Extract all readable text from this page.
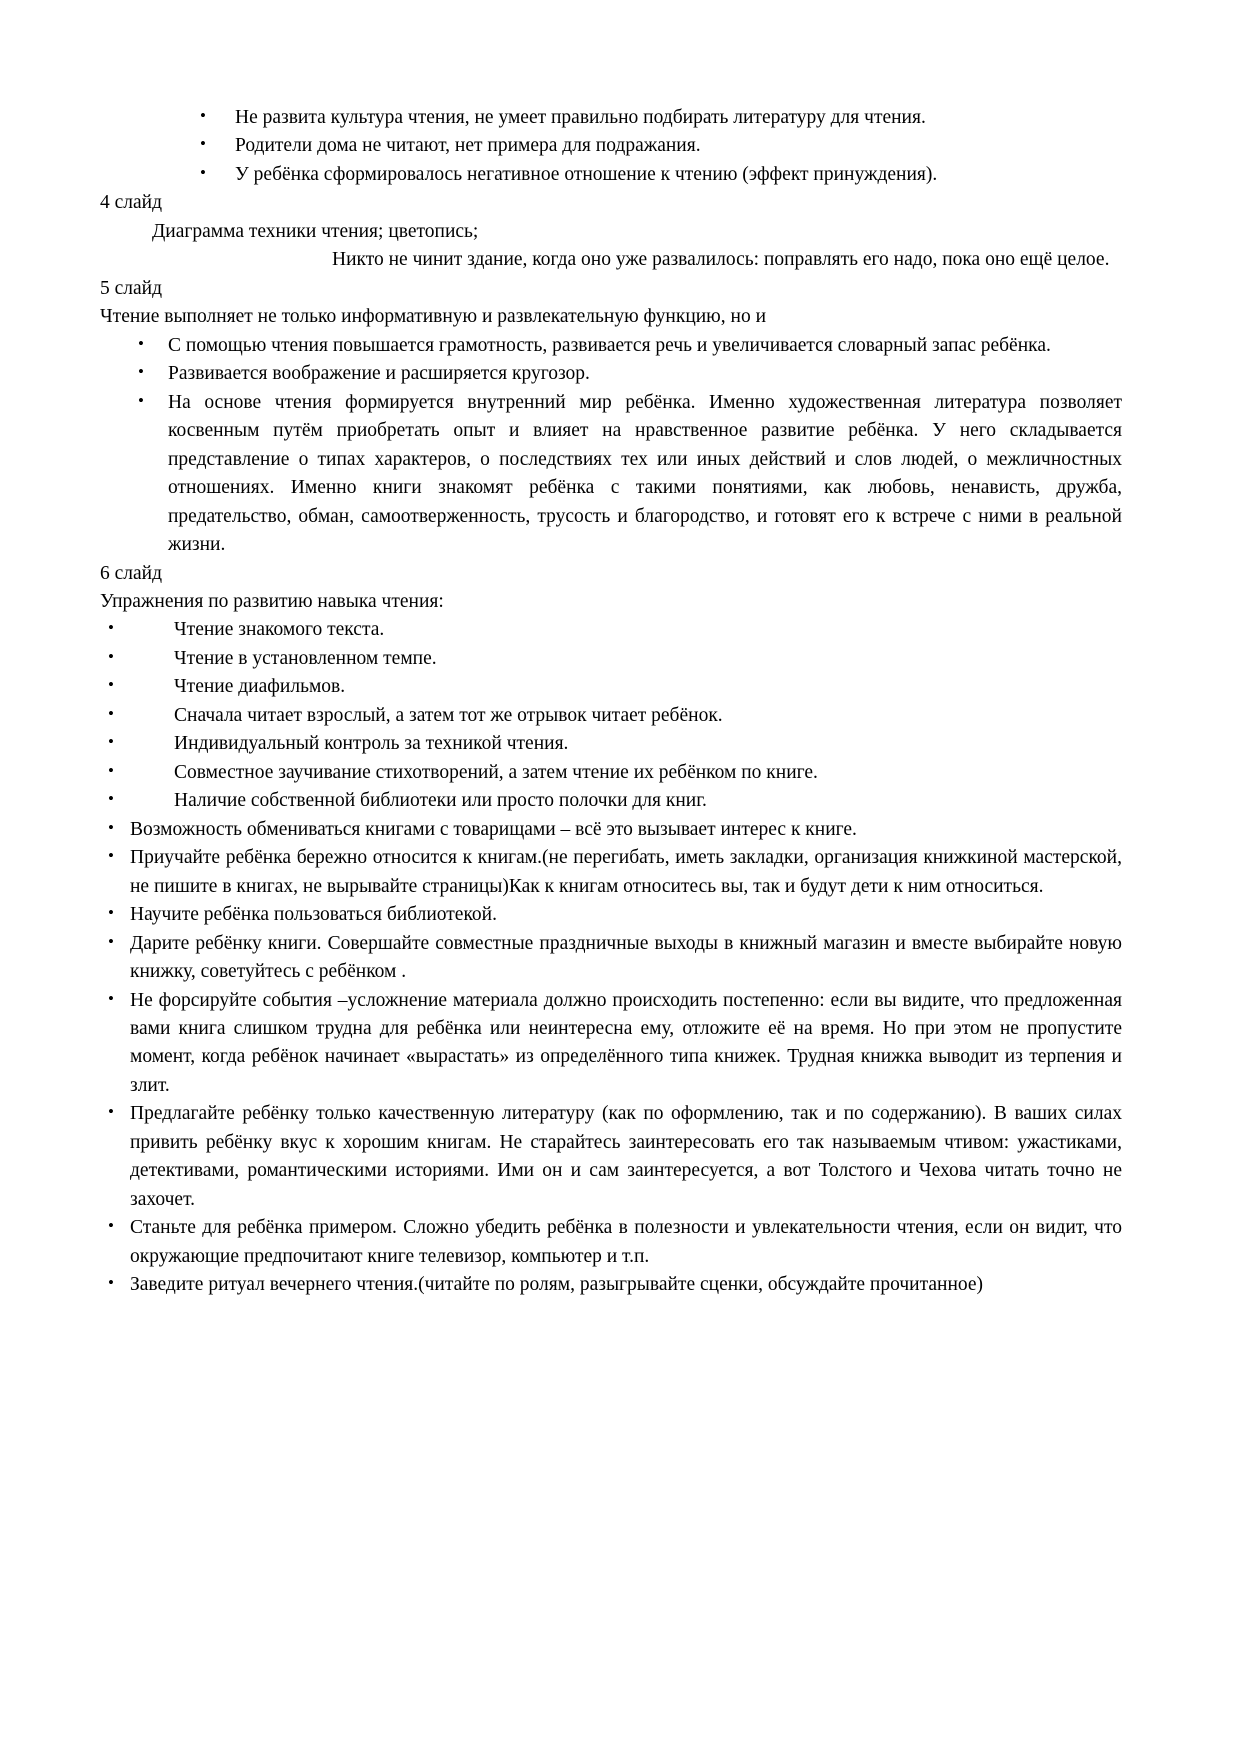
• Не развита культура чтения, не умеет правильно подбирать литературу для чтения.
• Родители дома не читают, нет примера для подражания.
• У ребёнка сформировалось негативное отношение к чтению (эффект принуждения).

4 слайд

Диаграмма техники чтения; цветопись;

Никто не чинит здание, когда оно уже развалилось: поправлять его надо, пока оно ещё целое.

5 слайд

Чтение выполняет не только информативную и развлекательную функцию, но и

• С помощью чтения повышается грамотность, развивается речь и увеличивается словарный запас ребёнка.
• Развивается воображение и расширяется кругозор.
• На основе чтения формируется внутренний мир ребёнка. Именно художественная литература позволяет косвенным путём приобретать опыт и влияет на нравственное развитие ребёнка. У него складывается представление о типах характеров, о последствиях тех или иных действий и слов людей, о межличностных отношениях. Именно книги знакомят ребёнка с такими понятиями, как любовь, ненависть, дружба, предательство, обман, самоотверженность, трусость и благородство, и готовят его к встрече с ними в реальной жизни.

6 слайд

Упражнения по развитию навыка чтения:

• Чтение знакомого текста.
• Чтение в установленном темпе.
• Чтение диафильмов.
• Сначала читает взрослый, а затем тот же отрывок читает ребёнок.
• Индивидуальный контроль за техникой чтения.
• Совместное заучивание стихотворений, а затем чтение их ребёнком по книге.
• Наличие собственной библиотеки или просто полочки для книг.
• Возможность обмениваться книгами с товарищами – всё это вызывает интерес к книге.
• Приучайте ребёнка бережно относится к книгам.(не перегибать, иметь закладки, организация книжкиной мастерской, не пишите в книгах, не вырывайте страницы)Как к книгам относитесь вы, так и будут дети к ним относиться.
• Научите ребёнка пользоваться библиотекой.
• Дарите ребёнку книги. Совершайте совместные праздничные выходы в книжный магазин и вместе выбирайте новую книжку, советуйтесь с ребёнком .
• Не форсируйте события –усложнение материала должно происходить постепенно: если вы видите, что предложенная вами книга слишком трудна для ребёнка или неинтересна ему, отложите её на время. Но при этом не пропустите момент, когда ребёнок начинает «вырастать» из определённого типа книжек. Трудная книжка выводит из терпения и злит.
• Предлагайте ребёнку только качественную литературу (как по оформлению, так и по содержанию). В ваших силах привить ребёнку вкус к хорошим книгам. Не старайтесь заинтересовать его так называемым чтивом: ужастиками, детективами, романтическими историями. Ими он и сам заинтересуется, а вот Толстого и Чехова читать точно не захочет.
• Станьте для ребёнка примером. Сложно убедить ребёнка в полезности и увлекательности чтения, если он видит, что окружающие предпочитают книге телевизор, компьютер и т.п.
• Заведите ритуал вечернего чтения.(читайте по ролям, разыгрывайте сценки, обсуждайте прочитанное)
